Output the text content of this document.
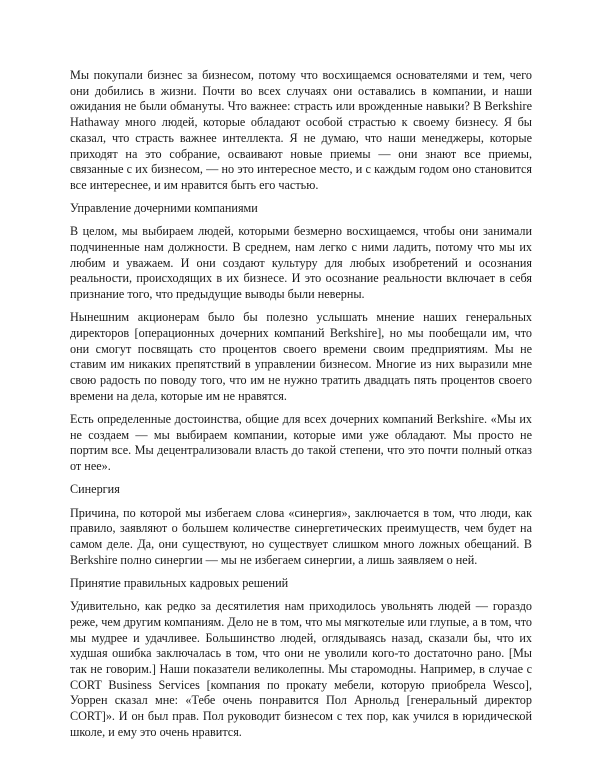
Мы покупали бизнес за бизнесом, потому что восхищаемся основателями и тем, чего они добились в жизни. Почти во всех случаях они оставались в компании, и наши ожидания не были обмануты. Что важнее: страсть или врожденные навыки? В Berkshire Hathaway много людей, которые обладают особой страстью к своему бизнесу. Я бы сказал, что страсть важнее интеллекта. Я не думаю, что наши менеджеры, которые приходят на это собрание, осваивают новые приемы — они знают все приемы, связанные с их бизнесом, — но это интересное место, и с каждым годом оно становится все интереснее, и им нравится быть его частью.

Управление дочерними компаниями

В целом, мы выбираем людей, которыми безмерно восхищаемся, чтобы они занимали подчиненные нам должности. В среднем, нам легко с ними ладить, потому что мы их любим и уважаем. И они создают культуру для любых изобретений и осознания реальности, происходящих в их бизнесе. И это осознание реальности включает в себя признание того, что предыдущие выводы были неверны.

Нынешним акционерам было бы полезно услышать мнение наших генеральных директоров [операционных дочерних компаний Berkshire], но мы пообещали им, что они смогут посвящать сто процентов своего времени своим предприятиям. Мы не ставим им никаких препятствий в управлении бизнесом. Многие из них выразили мне свою радость по поводу того, что им не нужно тратить двадцать пять процентов своего времени на дела, которые им не нравятся.

Есть определенные достоинства, общие для всех дочерних компаний Berkshire. «Мы их не создаем — мы выбираем компании, которые ими уже обладают. Мы просто не портим все. Мы децентрализовали власть до такой степени, что это почти полный отказ от нее».

Синергия

Причина, по которой мы избегаем слова «синергия», заключается в том, что люди, как правило, заявляют о большем количестве синергетических преимуществ, чем будет на самом деле. Да, они существуют, но существует слишком много ложных обещаний. В Berkshire полно синергии — мы не избегаем синергии, а лишь заявляем о ней.

Принятие правильных кадровых решений

Удивительно, как редко за десятилетия нам приходилось увольнять людей — гораздо реже, чем другим компаниям. Дело не в том, что мы мягкотелые или глупые, а в том, что мы мудрее и удачливее. Большинство людей, оглядываясь назад, сказали бы, что их худшая ошибка заключалась в том, что они не уволили кого-то достаточно рано. [Мы так не говорим.] Наши показатели великолепны. Мы старомодны. Например, в случае с CORT Business Services [компания по прокату мебели, которую приобрела Wesco], Уоррен сказал мне: «Тебе очень понравится Пол Арнольд [генеральный директор CORT]». И он был прав. Пол руководит бизнесом с тех пор, как учился в юридической школе, и ему это очень нравится.
